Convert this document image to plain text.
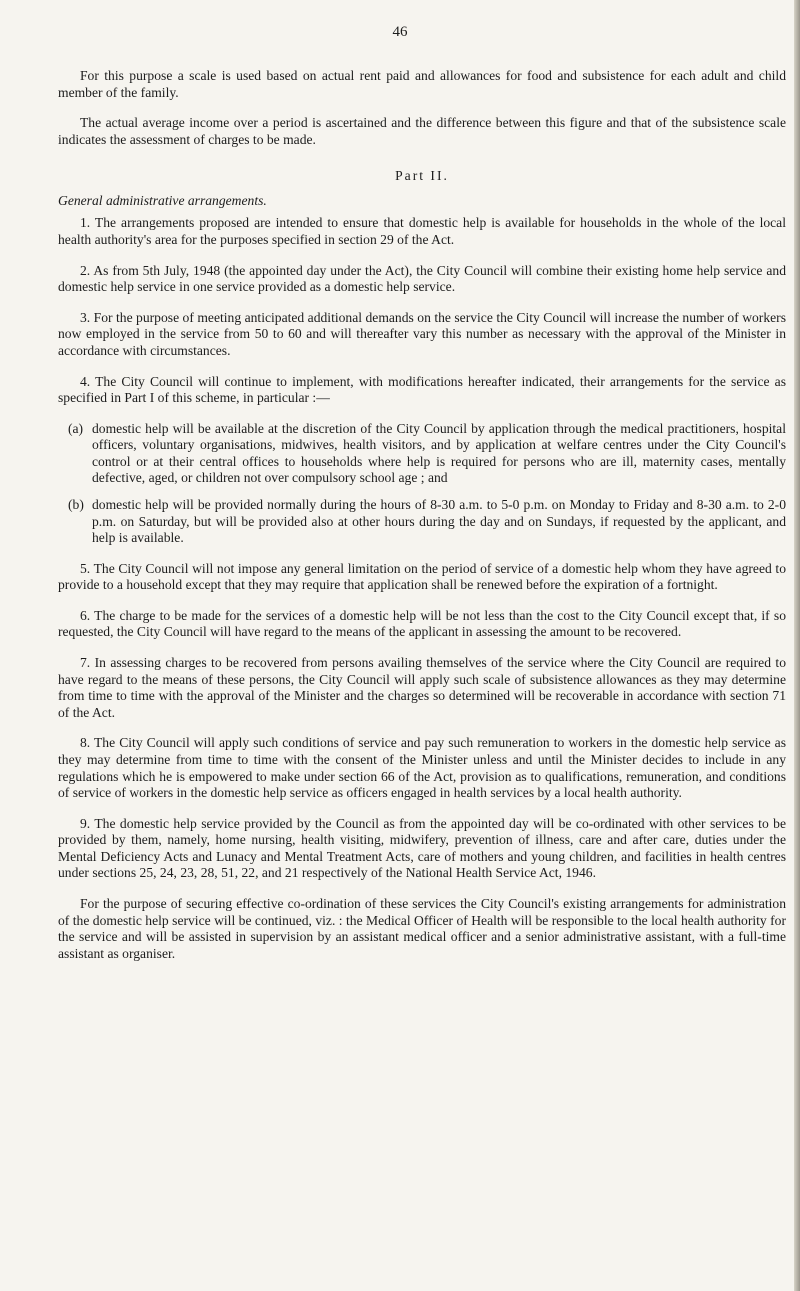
46

For this purpose a scale is used based on actual rent paid and allowances for food and subsistence for each adult and child member of the family.

The actual average income over a period is ascertained and the difference between this figure and that of the subsistence scale indicates the assessment of charges to be made.

Part II.
General administrative arrangements.

1. The arrangements proposed are intended to ensure that domestic help is available for households in the whole of the local health authority's area for the purposes specified in section 29 of the Act.

2. As from 5th July, 1948 (the appointed day under the Act), the City Council will combine their existing home help service and domestic help service in one service provided as a domestic help service.

3. For the purpose of meeting anticipated additional demands on the service the City Council will increase the number of workers now employed in the service from 50 to 60 and will thereafter vary this number as necessary with the approval of the Minister in accordance with circumstances.

4. The City Council will continue to implement, with modifications hereafter indicated, their arrangements for the service as specified in Part I of this scheme, in particular :—

(a) domestic help will be available at the discretion of the City Council by application through the medical practitioners, hospital officers, voluntary organisations, midwives, health visitors, and by application at welfare centres under the City Council's control or at their central offices to households where help is required for persons who are ill, maternity cases, mentally defective, aged, or children not over compulsory school age ; and
(b) domestic help will be provided normally during the hours of 8-30 a.m. to 5-0 p.m. on Monday to Friday and 8-30 a.m. to 2-0 p.m. on Saturday, but will be provided also at other hours during the day and on Sundays, if requested by the applicant, and help is available.

5. The City Council will not impose any general limitation on the period of service of a domestic help whom they have agreed to provide to a household except that they may require that application shall be renewed before the expiration of a fortnight.

6. The charge to be made for the services of a domestic help will be not less than the cost to the City Council except that, if so requested, the City Council will have regard to the means of the applicant in assessing the amount to be recovered.

7. In assessing charges to be recovered from persons availing themselves of the service where the City Council are required to have regard to the means of these persons, the City Council will apply such scale of subsistence allowances as they may determine from time to time with the approval of the Minister and the charges so determined will be recoverable in accordance with section 71 of the Act.

8. The City Council will apply such conditions of service and pay such remuneration to workers in the domestic help service as they may determine from time to time with the consent of the Minister unless and until the Minister decides to include in any regulations which he is empowered to make under section 66 of the Act, provision as to qualifications, remuneration, and conditions of service of workers in the domestic help service as officers engaged in health services by a local health authority.

9. The domestic help service provided by the Council as from the appointed day will be co-ordinated with other services to be provided by them, namely, home nursing, health visiting, midwifery, prevention of illness, care and after care, duties under the Mental Deficiency Acts and Lunacy and Mental Treatment Acts, care of mothers and young children, and facilities in health centres under sections 25, 24, 23, 28, 51, 22, and 21 respectively of the National Health Service Act, 1946.

For the purpose of securing effective co-ordination of these services the City Council's existing arrangements for administration of the domestic help service will be continued, viz. : the Medical Officer of Health will be responsible to the local health authority for the service and will be assisted in supervision by an assistant medical officer and a senior administrative assistant, with a full-time assistant as organiser.
